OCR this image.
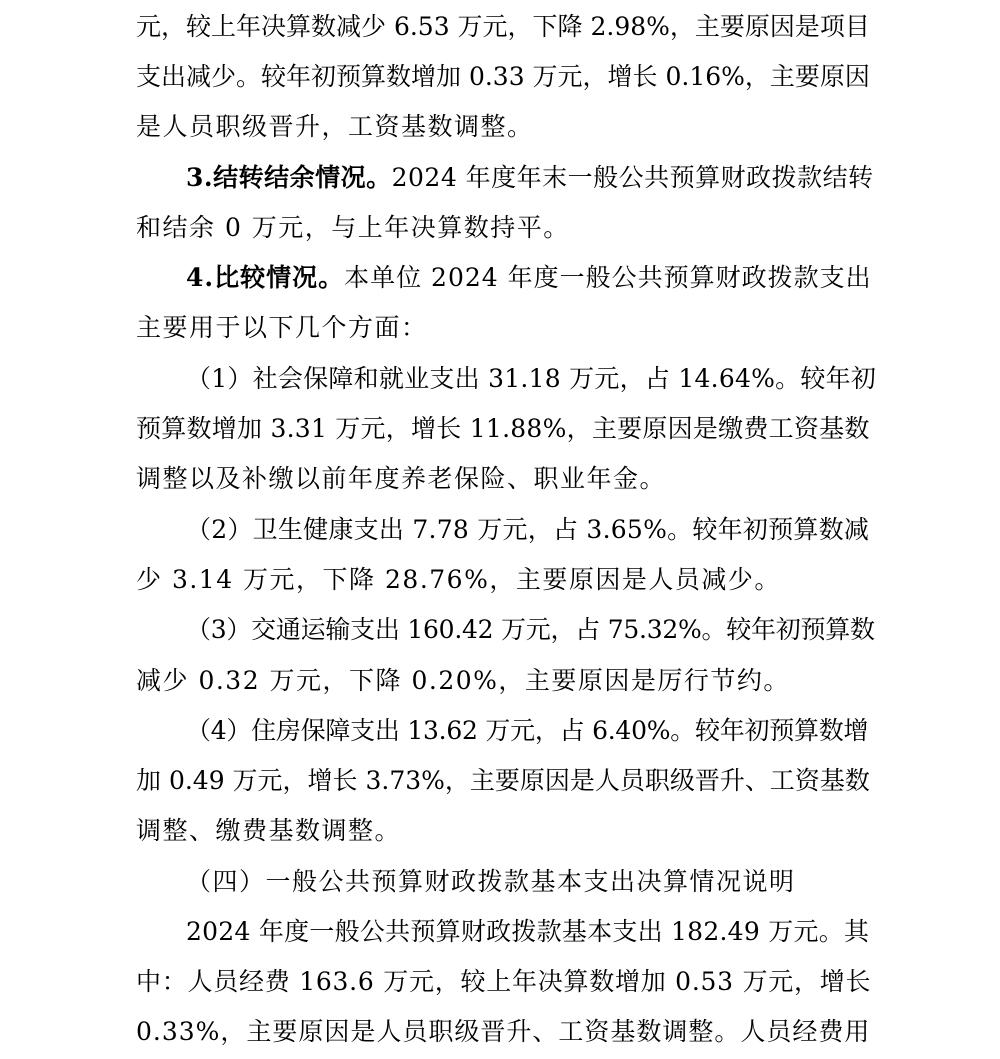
元，较上年决算数减少 6.53 万元，下降 2.98%，主要原因是项目
支出减少。较年初预算数增加 0.33 万元，增长 0.16%，主要原因
是人员职级晋升，工资基数调整。
3.结转结余情况。2024 年度年末一般公共预算财政拨款结转
和结余 0 万元，与上年决算数持平。
4.比较情况。本单位 2024 年度一般公共预算财政拨款支出
主要用于以下几个方面：
（1）社会保障和就业支出 31.18 万元，占 14.64%。较年初
预算数增加 3.31 万元，增长 11.88%，主要原因是缴费工资基数
调整以及补缴以前年度养老保险、职业年金。
（2）卫生健康支出 7.78 万元，占 3.65%。较年初预算数减
少 3.14 万元，下降 28.76%，主要原因是人员减少。
（3）交通运输支出 160.42 万元，占 75.32%。较年初预算数
减少 0.32 万元，下降 0.20%，主要原因是厉行节约。
（4）住房保障支出 13.62 万元，占 6.40%。较年初预算数增
加 0.49 万元，增长 3.73%，主要原因是人员职级晋升、工资基数
调整、缴费基数调整。
（四）一般公共预算财政拨款基本支出决算情况说明
2024 年度一般公共预算财政拨款基本支出 182.49 万元。其
中：人员经费 163.6 万元，较上年决算数增加 0.53 万元，增长
0.33%，主要原因是人员职级晋升、工资基数调整。人员经费用
